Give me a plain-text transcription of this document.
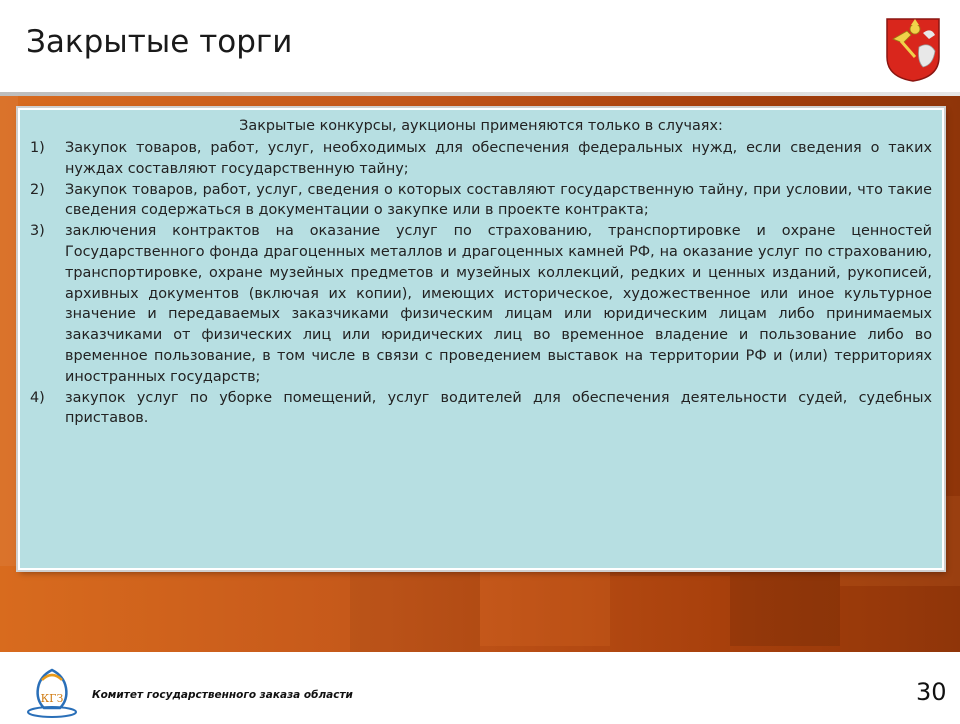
Закрытые торги
Закрытые конкурсы, аукционы применяются только в случаях:
1) Закупок товаров, работ, услуг, необходимых для обеспечения федеральных нужд, если сведения о таких нуждах составляют государственную тайну;
2) Закупок товаров, работ, услуг, сведения о которых составляют государственную тайну, при условии, что такие сведения содержаться в документации о закупке или в проекте контракта;
3) заключения контрактов на оказание услуг по страхованию, транспортировке и охране ценностей Государственного фонда драгоценных металлов и драгоценных камней РФ, на оказание услуг по страхованию, транспортировке, охране музейных предметов и музейных коллекций, редких и ценных изданий, рукописей, архивных документов (включая их копии), имеющих историческое, художественное или иное культурное значение и передаваемых заказчиками физическим лицам или юридическим лицам либо принимаемых заказчиками от физических лиц или юридических лиц во временное владение и пользование либо во временное пользование, в том числе в связи с проведением выставок на территории РФ и (или) территориях иностранных государств;
4) закупок услуг по уборке помещений, услуг водителей для обеспечения деятельности судей, судебных приставов.
КГЗ	Комитет государственного заказа области	30
